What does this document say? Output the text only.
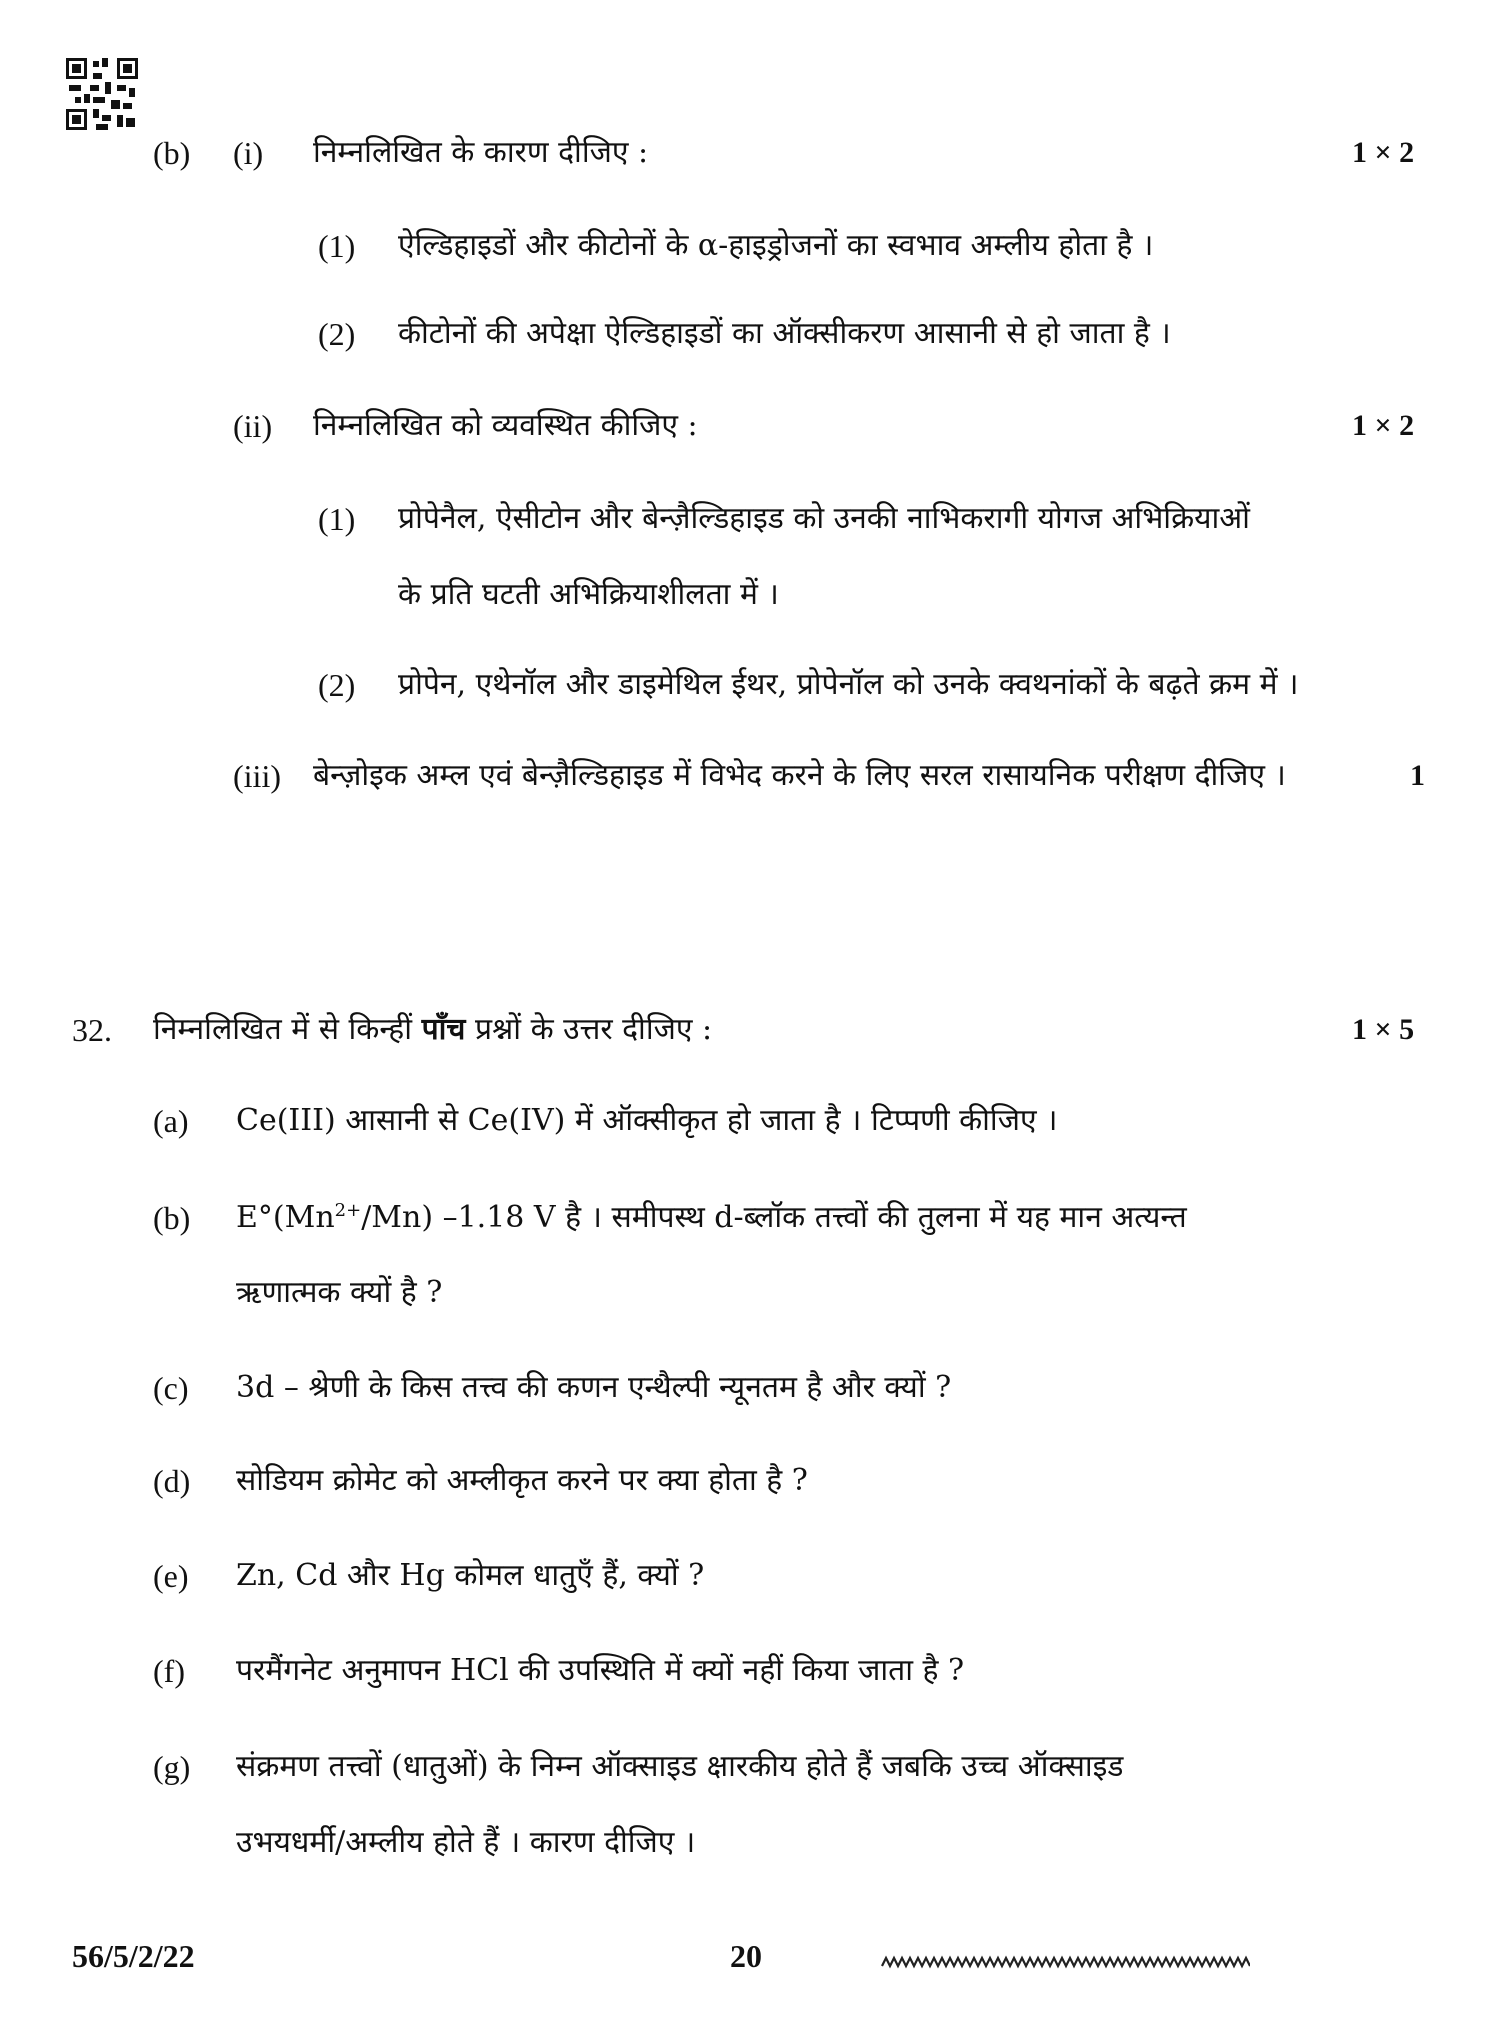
(b) (i) निम्नलिखित के कारण दीजिए :	1 × 2
(1) ऐल्डिहाइडों और कीटोनों के α-हाइड्रोजनों का स्वभाव अम्लीय होता है ।
(2) कीटोनों की अपेक्षा ऐल्डिहाइडों का ऑक्सीकरण आसानी से हो जाता है ।
(ii) निम्नलिखित को व्यवस्थित कीजिए :	1 × 2
(1) प्रोपेनैल, ऐसीटोन और बेन्ज़ैल्डिहाइड को उनकी नाभिकरागी योगज अभिक्रियाओं
के प्रति घटती अभिक्रियाशीलता में ।
(2) प्रोपेन, एथेनॉल और डाइमेथिल ईथर, प्रोपेनॉल को उनके क्वथनांकों के बढ़ते क्रम में ।
(iii) बेन्ज़ोइक अम्ल एवं बेन्ज़ैल्डिहाइड में विभेद करने के लिए सरल रासायनिक परीक्षण दीजिए ।	1
32. निम्नलिखित में से किन्हीं पाँच प्रश्नों के उत्तर दीजिए :	1 × 5
(a) Ce(III) आसानी से Ce(IV) में ऑक्सीकृत हो जाता है । टिप्पणी कीजिए ।
(b) $E^\circ(Mn^{2+}/Mn)$ –1.18 V है । समीपस्थ d-ब्लॉक तत्त्वों की तुलना में यह मान अत्यन्त
ऋणात्मक क्यों है ?
(c) 3d – श्रेणी के किस तत्त्व की कणन एन्थैल्पी न्यूनतम है और क्यों ?
(d) सोडियम क्रोमेट को अम्लीकृत करने पर क्या होता है ?
(e) Zn, Cd और Hg कोमल धातुएँ हैं, क्यों ?
(f) परमैंगनेट अनुमापन HCl की उपस्थिति में क्यों नहीं किया जाता है ?
(g) संक्रमण तत्त्वों (धातुओं) के निम्न ऑक्साइड क्षारकीय होते हैं जबकि उच्च ऑक्साइड
उभयधर्मी/अम्लीय होते हैं । कारण दीजिए ।
56/5/2/22	20
